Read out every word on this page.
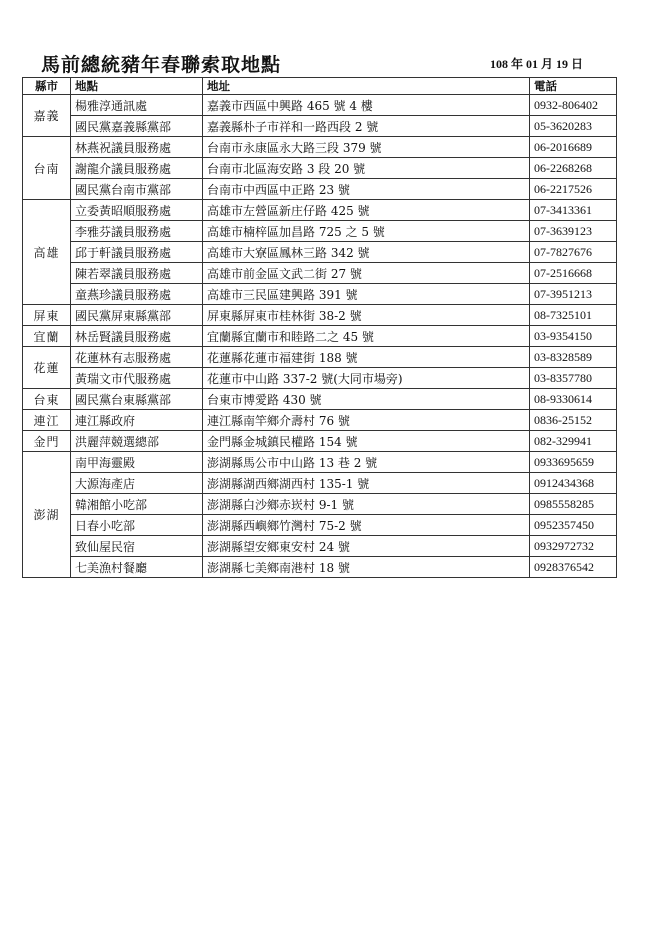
馬前總統豬年春聯索取地點	108 年 01 月 19 日
縣市	地點	地址	電話
嘉義	楊雅淳通訊處	嘉義市西區中興路 465 號 4 樓	0932-806402
	國民黨嘉義縣黨部	嘉義縣朴子市祥和一路西段 2 號	05-3620283
台南	林燕祝議員服務處	台南市永康區永大路三段 379 號	06-2016689
	謝龍介議員服務處	台南市北區海安路 3 段 20 號	06-2268268
	國民黨台南市黨部	台南市中西區中正路 23 號	06-2217526
高雄	立委黃昭順服務處	高雄市左營區新庄仔路 425 號	07-3413361
	李雅芬議員服務處	高雄市楠梓區加昌路 725 之 5 號	07-3639123
	邱于軒議員服務處	高雄市大寮區鳳林三路 342 號	07-7827676
	陳若翠議員服務處	高雄市前金區文武二街 27 號	07-2516668
	童燕珍議員服務處	高雄市三民區建興路 391 號	07-3951213
屏東	國民黨屏東縣黨部	屏東縣屏東市桂林街 38-2 號	08-7325101
宜蘭	林岳賢議員服務處	宜蘭縣宜蘭市和睦路二之 45 號	03-9354150
花蓮	花蓮林有志服務處	花蓮縣花蓮市福建街 188 號	03-8328589
	黃瑞文市代服務處	花蓮市中山路 337-2 號(大同市場旁)	03-8357780
台東	國民黨台東縣黨部	台東市博愛路 430 號	08-9330614
連江	連江縣政府	連江縣南竿鄉介壽村 76 號	0836-25152
金門	洪麗萍競選總部	金門縣金城鎮民權路 154 號	082-329941
澎湖	南甲海靈殿	澎湖縣馬公市中山路 13 巷 2 號	0933695659
	大源海產店	澎湖縣湖西鄉湖西村 135-1 號	0912434368
	韓湘館小吃部	澎湖縣白沙鄉赤崁村 9-1 號	0985558285
	日春小吃部	澎湖縣西嶼鄉竹灣村 75-2 號	0952357450
	致仙屋民宿	澎湖縣望安鄉東安村 24 號	0932972732
	七美漁村餐廳	澎湖縣七美鄉南港村 18 號	0928376542
